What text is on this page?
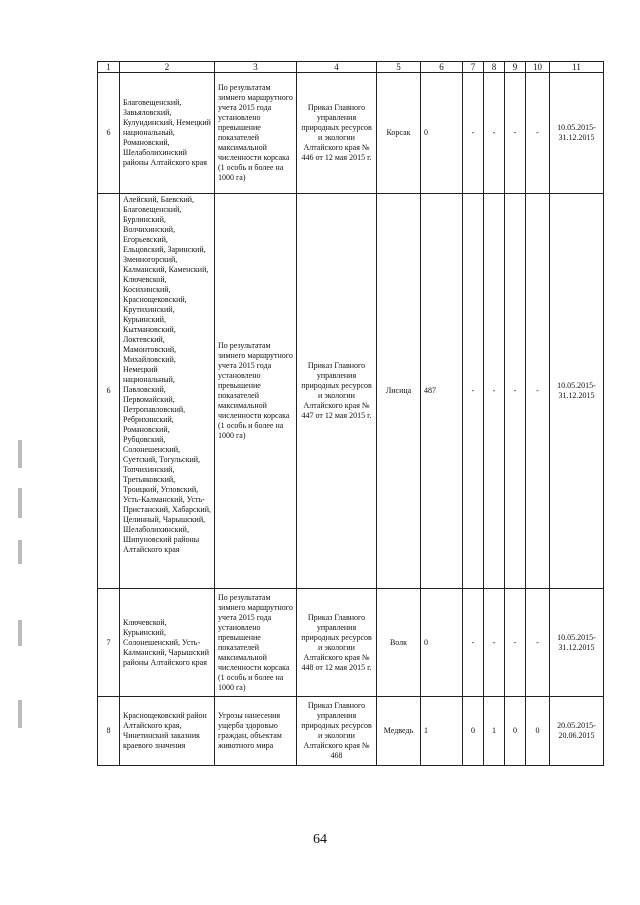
1	2	3	4	5	6	7	8	9	10	11
6	Благовещенский, Завьяловский, Кулундинский, Немецкий национальный, Романовский, Шелаболихинский районы Алтайского края	По результатам зимнего маршрутного учета 2015 года установлено превышение показателей максимальной численности корсака (1 особь и более на 1000 га)	Приказ Главного управления природных ресурсов и экологии Алтайского края № 446 от 12 мая 2015 г.	Корсак	0	-	-	-	-	10.05.2015-31.12.2015
6	Алейский, Баевский, Благовещенский, Бурлинский, Волчихинский, Егорьевский, Ельцовский, Заринский, Змеиногорский, Калманский, Каменский, Ключевской, Косихинский, Краснощековский, Крутихинский, Курьинский, Кытмановский, Локтевский, Мамонтовский, Михайловский, Немецкий национальный, Павловский, Первомайский, Петропавловский, Ребрихинский, Романовский, Рубцовский, Солонешенский, Суетский, Тогульский, Топчихинский, Третьяковский, Троицкий, Угловский, Усть-Калманский, Усть-Пристанский, Хабарский, Целинный, Чарышский, Шелаболихинский, Шипуновский районы Алтайского края	По результатам зимнего маршрутного учета 2015 года установлено превышение показателей максимальной численности корсака (1 особь и более на 1000 га)	Приказ Главного управления природных ресурсов и экологии Алтайского края № 447 от 12 мая 2015 г.	Лисица	487	-	-	-	-	10.05.2015-31.12.2015
7	Ключевской, Курьинский, Солонешенский, Усть-Калманский, Чарышский районы Алтайского края	По результатам зимнего маршрутного учета 2015 года установлено превышение показателей максимальной численности корсака (1 особь и более на 1000 га)	Приказ Главного управления природных ресурсов и экологии Алтайского края № 448 от 12 мая 2015 г.	Волк	0	-	-	-	-	10.05.2015-31.12.2015
8	Краснощековский район Алтайского края, Чинетинский заказник краевого значения	Угрозы нанесения ущерба здоровью граждан, объектам животного мира	Приказ Главного управления природных ресурсов и экологии Алтайского края № 468	Медведь	1	0	1	0	0	20.05.2015-20.06.2015
64
